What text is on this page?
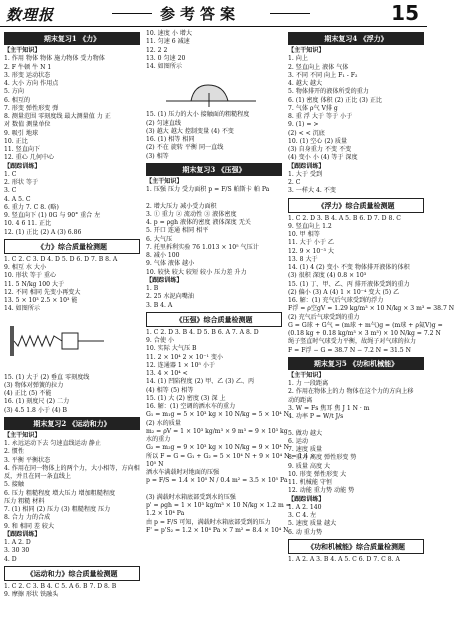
数理报	参考答案	15
期末复习1 《力》
【主干知识】
1. 作用 物体 物体 施力物体 受力物体
2. F 牛顿 牛 N 1
3. 形变 运动状态
4. 大小 方向 作用点
5. 方向
6. 相互的
7. 形变 弹性形变 弹
8. 测量范围 零刻度线 最大测量值 力 正
对 数值 测量单位
9. 吸引 地球
10. 正比
11. 竖直向下
12. 重心 几何中心
【跟踪训练】
1. C
2. 形状 等于
3. C
4. A 5. C
6. 重力 7. C 8. (略)
9. 竖直向下 (1) 0G 与 90° 重合 左
10. 4 6 11. 正比
12. (1) 正比 (2) A (3) 6.86
《力》综合质量检测题
1. C 2. C 3. D 4. D 5. D 6. D 7. B 8. A
9. 相互 水 大小
10. 形状 等于 重心
11. 5 N/kg 100 大于
12. 不同 相同 先变小再变大
13. 5 × 10³ 2.5 × 10³ 能
14. 如图所示
15. (1) 大于 (2) 垂直 零刻度线
(3) 物体对弹簧的拉力
(4) 正比 (5) 不能
16. (1) 刻度尺 (2) 二力
(3) 4.5 1.8 小于 (4) B
期末复习2 《运动和力》
【主干知识】
1. 永远运动下去 匀速直线运动 静止
2. 惯性
3. 平衡 平衡状态
4. 作用在同一物体上的两个力，大小相等，方向相
反，并且在同一条直线上
5. 接触
6. 压力 粗糙程度 增大压力 增加粗糙程度
压力 粗糙 材料
7. (1) 相同 (2) 压力 (3) 粗糙程度 压力
8. 合力 力的合成
9. 和 相同 差 较大
【跟踪训练】
1. A 2. D
3. 30 30
4. D
《运动和力》综合质量检测题
1. C 2. C 3. B 4. C 5. A 6. B 7. D 8. B
9. 摩擦 形状 铁融头
10. 速度 小 增大
11. 匀速 6 减速
12. 2 2
13. 0 匀速 20
14. 如图所示
15. (1) 压力的大小 接触面的粗糙程度
(2) 匀速直线
(3) 越大 越大 控制变量 (4) 不变
16. (1) 相等 相同
(2) 不在 旋转 平衡 同一直线
(3) 相等
期末复习3 《压强》
【主干知识】
1. 压强 压力 受力面积 p = F/S 帕斯卡 帕 Pa

2. 增大压力 减小受力面积
3. ① 重力 ② 流动性 ③ 液体密度
4. p = ρgh 液体的密度 液体深度 无关
5. 开口 连通 相同 相平
6. 大气压
7. 托里拆利实验 76 1.013 × 10⁵ 气压计
8. 减小 100
9. 气体 液体 越小
10. 较快 较大 较短 较小 压力差 升力
【跟踪训练】
1. B
2. 25 水泥向嘴油
3. B 4. A
《压强》综合质量检测题
1. C 2. D 3. B 4. D 5. B 6. A 7. A 8. D
9. 合使 小
10. 实际 大气压 B
11. 2 × 10⁴ 2 × 10⁻¹ 变小
12. 连通器 1 × 10⁵ 小于
13. 4 × 10⁴ <
14. (1) 凹陷程度 (2) 甲、乙 (3) 乙、丙
(4) 相等 (5) 相等
15. (1) 大 (2) 密度 (3) 深 上
16. 解：(1) 空调的洒水车的重力
G₁ = m₁g = 5 × 10³ kg × 10 N/kg = 5 × 10⁴ N
(2) 水的质量
m₂ = ρV = 1 × 10³ kg/m³ × 9 m³ = 9 × 10³ kg
水的重力
G₂ = m₂g = 9 × 10³ kg × 10 N/kg = 9 × 10⁴ N
所以 F = G = G₁ + G₂ = 5 × 10⁴ N + 9 × 10⁴ N = 1.4 ×
10⁵ N
洒水车满载时对地面的压强
p = F/S = 1.4 × 10⁵ N / 0.4 m² = 3.5 × 10⁵ Pa

(3) 满载时水箱底部受到水的压强
p' = ρgh = 1 × 10³ kg/m³ × 10 N/kg × 1.2 m =
1.2 × 10⁴ Pa
由 p = F/S 可知，满载时水箱底部受到的压力
F' = p'S₂ = 1.2 × 10⁴ Pa × 7 m² = 8.4 × 10⁴ N
期末复习4 《浮力》
【主干知识】
1. 向上
2. 竖直向上 液体 气体
3. 不同 不同 向上 F₁ - F₂
4. 越大 越大
5. 物体排开的液体所受的重力
6. (1) 密度 体积 (2) 正比 (3) 正比
7. 气体 ρ气 V排 g
8. 重 浮 大于 等于 小于
9. (1) = >
(2) < < 沉底
10. (1) 空心 (2) 质量
(3) 自身重力 不变 不变
(4) 变小 小 (4) 等于 深度
【跟踪训练】
1. 大于 受到
2. C
3. 一样大 4. 不变
《浮力》综合质量检测题
1. C 2. D 3. B 4. A 5. B 6. D 7. D 8. C
9. 竖直向上 1.2
10. 甲 相等
11. 大于 小于 乙
12. 9 × 10⁻³ 大
13. 8 大于
14. (1) 4 (2) 变小 不变 物体排开液体的体积
(3) 很积 深度 (4) 0.8 × 10³
15. (1) 丁、甲、乙、丙 排开液体受到的重力
(2) 偏小 (3) A (4) 1 × 10⁻⁴ 变大 (5) 乙
16. 解：(1) 充气后气球受到的浮力
F浮 = ρ空gV = 1.29 kg/m³ × 10 N/kg × 3 m³ = 38.7 N
(2) 充气后气球受到的重力
G = G球 + G气 = (m球 + m气)g = (m球 + ρ氦V)g =
(0.18 kg + 0.18 kg/m³ × 3 m³) × 10 N/kg = 7.2 N
绳子竖直时气球受力平衡，故绳子对气球的拉力
F = F浮 − G = 38.7 N − 7.2 N = 31.5 N
期末复习5 《功和机械能》
【主干知识】
1. 力 一段距离
2. 作用在物体上的力 物体在这个力的方向上移
动的距离
3. W = Fs 焦耳 焦 J 1 N · m
4. 功率 P = W/t J/s

5. 做功 越大
6. 运动
7. 速度 质量
8. 重力 高度 弹性形变 势
9. 质量 高度 大
10. 形变 弹性形变 大
11. 机械能 守恒
12. 动能 重力势 动能 势
【跟踪训练】
1. A 2. 140
3. C 4. 左
5. 速度 质量 越大
6. 动 重力势
《功和机械能》综合质量检测题
1. A 2. A 3. B 4. A 5. C 6. D 7. C 8. A
